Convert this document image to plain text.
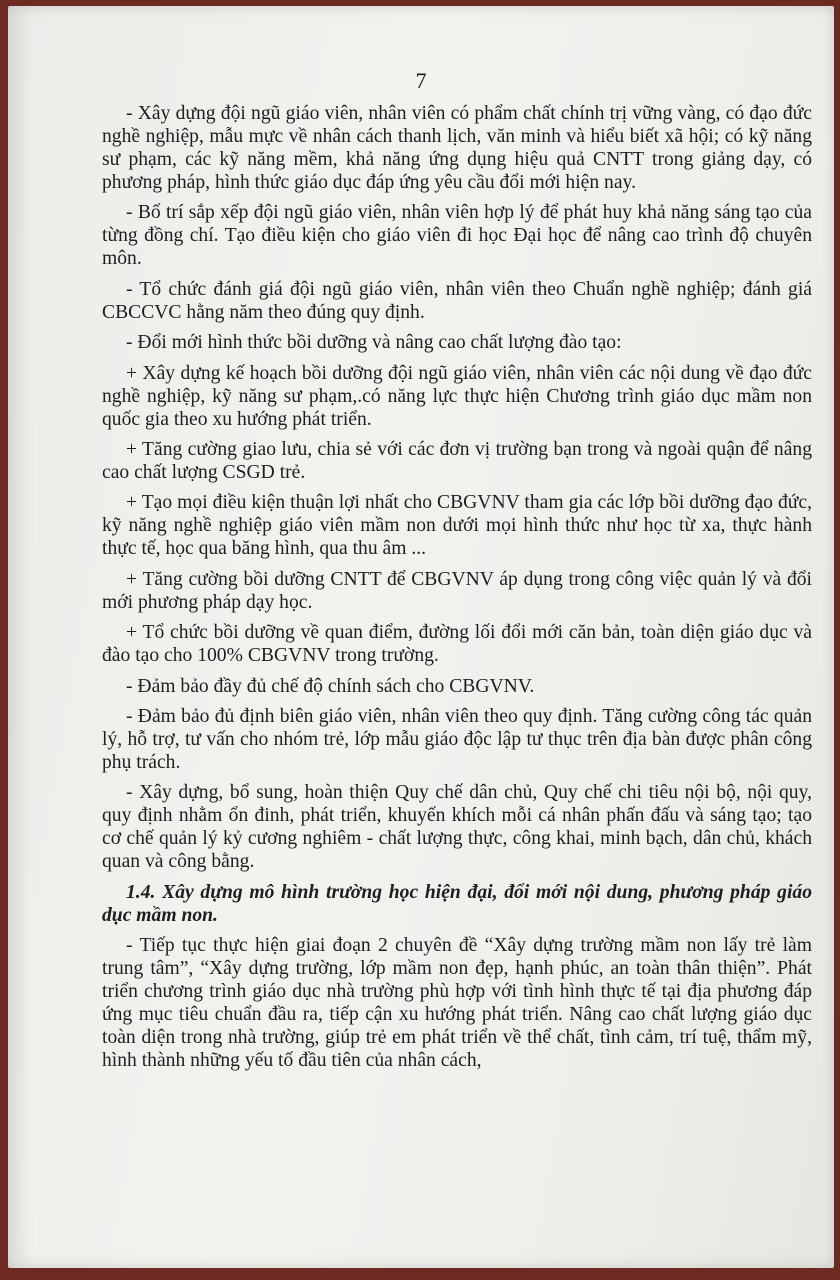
7

- Xây dựng đội ngũ giáo viên, nhân viên có phẩm chất chính trị vững vàng, có đạo đức nghề nghiệp, mẫu mực về nhân cách thanh lịch, văn minh và hiểu biết xã hội; có kỹ năng sư phạm, các kỹ năng mềm, khả năng ứng dụng hiệu quả CNTT trong giảng dạy, có phương pháp, hình thức giáo dục đáp ứng yêu cầu đổi mới hiện nay.

- Bố trí sắp xếp đội ngũ giáo viên, nhân viên hợp lý để phát huy khả năng sáng tạo của từng đồng chí. Tạo điều kiện cho giáo viên đi học Đại học để nâng cao trình độ chuyên môn.

- Tổ chức đánh giá đội ngũ giáo viên, nhân viên theo Chuẩn nghề nghiệp; đánh giá CBCCVC hằng năm theo đúng quy định.

- Đổi mới hình thức bồi dưỡng và nâng cao chất lượng đào tạo:

+ Xây dựng kế hoạch bồi dưỡng đội ngũ giáo viên, nhân viên các nội dung về đạo đức nghề nghiệp, kỹ năng sư phạm,.có năng lực thực hiện Chương trình giáo dục mầm non quốc gia theo xu hướng phát triển.

+ Tăng cường giao lưu, chia sẻ với các đơn vị trường bạn trong và ngoài quận để nâng cao chất lượng CSGD trẻ.

+ Tạo mọi điều kiện thuận lợi nhất cho CBGVNV tham gia các lớp bồi dưỡng đạo đức, kỹ năng nghề nghiệp giáo viên mầm non dưới mọi hình thức như học từ xa, thực hành thực tế, học qua băng hình, qua thu âm ...

+ Tăng cường bồi dưỡng CNTT để CBGVNV áp dụng trong công việc quản lý và đổi mới phương pháp dạy học.

+ Tổ chức bồi dưỡng về quan điểm, đường lối đổi mới căn bản, toàn diện giáo dục và đào tạo cho 100% CBGVNV trong trường.

- Đảm bảo đầy đủ chế độ chính sách cho CBGVNV.

- Đảm bảo đủ định biên giáo viên, nhân viên theo quy định. Tăng cường công tác quản lý, hỗ trợ, tư vấn cho nhóm trẻ, lớp mẫu giáo độc lập tư thục trên địa bàn được phân công phụ trách.

- Xây dựng, bổ sung, hoàn thiện Quy chế dân chủ, Quy chế chi tiêu nội bộ, nội quy, quy định nhằm ổn đinh, phát triển, khuyến khích mỗi cá nhân phấn đấu và sáng tạo; tạo cơ chế quản lý kỷ cương nghiêm - chất lượng thực, công khai, minh bạch, dân chủ, khách quan và công bằng.

1.4. Xây dựng mô hình trường học hiện đại, đổi mới nội dung, phương pháp giáo dục mầm non.

- Tiếp tục thực hiện giai đoạn 2 chuyên đề “Xây dựng trường mầm non lấy trẻ làm trung tâm”, “Xây dựng trường, lớp mầm non đẹp, hạnh phúc, an toàn thân thiện”. Phát triển chương trình giáo dục nhà trường phù hợp với tình hình thực tế tại địa phương đáp ứng mục tiêu chuẩn đầu ra, tiếp cận xu hướng phát triển. Nâng cao chất lượng giáo dục toàn diện trong nhà trường, giúp trẻ em phát triển về thể chất, tình cảm, trí tuệ, thẩm mỹ, hình thành những yếu tố đầu tiên của nhân cách,
